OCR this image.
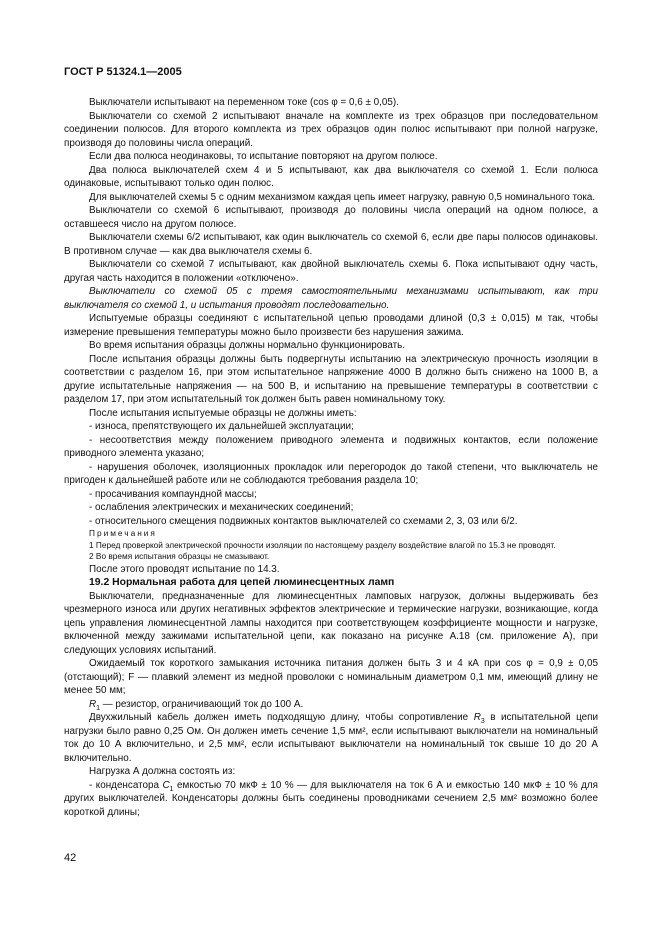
ГОСТ Р 51324.1—2005

Выключатели испытывают на переменном токе (cos φ = 0,6 ± 0,05).

Выключатели со схемой 2 испытывают вначале на комплекте из трех образцов при последовательном соединении полюсов. Для второго комплекта из трех образцов один полюс испытывают при полной нагрузке, производя до половины числа операций.

Если два полюса неодинаковы, то испытание повторяют на другом полюсе.

Два полюса выключателей схем 4 и 5 испытывают, как два выключателя со схемой 1. Если полюса одинаковые, испытывают только один полюс.

Для выключателей схемы 5 с одним механизмом каждая цепь имеет нагрузку, равную 0,5 номинального тока.

Выключатели со схемой 6 испытывают, производя до половины числа операций на одном полюсе, а оставшееся число на другом полюсе.

Выключатели схемы 6/2 испытывают, как один выключатель со схемой 6, если две пары полюсов одинаковы. В противном случае — как два выключателя схемы 6.

Выключатели со схемой 7 испытывают, как двойной выключатель схемы 6. Пока испытывают одну часть, другая часть находится в положении «отключено».

Выключатели со схемой 05 с тремя самостоятельными механизмами испытывают, как три выключателя со схемой 1, и испытания проводят последовательно.

Испытуемые образцы соединяют с испытательной цепью проводами длиной (0,3 ± 0,015) м так, чтобы измерение превышения температуры можно было произвести без нарушения зажима.

Во время испытания образцы должны нормально функционировать.

После испытания образцы должны быть подвергнуты испытанию на электрическую прочность изоляции в соответствии с разделом 16, при этом испытательное напряжение 4000 В должно быть снижено на 1000 В, а другие испытательные напряжения — на 500 В, и испытанию на превышение температуры в соответствии с разделом 17, при этом испытательный ток должен быть равен номинальному току.

После испытания испытуемые образцы не должны иметь:

- износа, препятствующего их дальнейшей эксплуатации;

- несоответствия между положением приводного элемента и подвижных контактов, если положение приводного элемента указано;

- нарушения оболочек, изоляционных прокладок или перегородок до такой степени, что выключатель не пригоден к дальнейшей работе или не соблюдаются требования раздела 10;

- просачивания компаундной массы;

- ослабления электрических и механических соединений;

- относительного смещения подвижных контактов выключателей со схемами 2, 3, 03 или 6/2.

Примечания

1 Перед проверкой электрической прочности изоляции по настоящему разделу воздействие влагой по 15.3 не проводят.

2 Во время испытания образцы не смазывают.

После этого проводят испытание по 14.3.

19.2 Нормальная работа для цепей люминесцентных ламп

Выключатели, предназначенные для люминесцентных ламповых нагрузок, должны выдерживать без чрезмерного износа или других негативных эффектов электрические и термические нагрузки, возникающие, когда цепь управления люминесцентной лампы находится при соответствующем коэффициенте мощности и нагрузке, включенной между зажимами испытательной цепи, как показано на рисунке А.18 (см. приложение А), при следующих условиях испытаний.

Ожидаемый ток короткого замыкания источника питания должен быть 3 и 4 кА при cos φ = 0,9 ± 0,05 (отстающий); F — плавкий элемент из медной проволоки с номинальным диаметром 0,1 мм, имеющий длину не менее 50 мм;

$R_1$ — резистор, ограничивающий ток до 100 А.

Двухжильный кабель должен иметь подходящую длину, чтобы сопротивление $R_3$ в испытательной цепи нагрузки было равно 0,25 Ом. Он должен иметь сечение 1,5 мм², если испытывают выключатели на номинальный ток до 10 А включительно, и 2,5 мм², если испытывают выключатели на номинальный ток свыше 10 до 20 А включительно.

Нагрузка А должна состоять из:

- конденсатора $C_1$ емкостью 70 мкФ ± 10 % — для выключателя на ток 6 А и емкостью 140 мкФ ± 10 % для других выключателей. Конденсаторы должны быть соединены проводниками сечением 2,5 мм² возможно более короткой длины;

42
